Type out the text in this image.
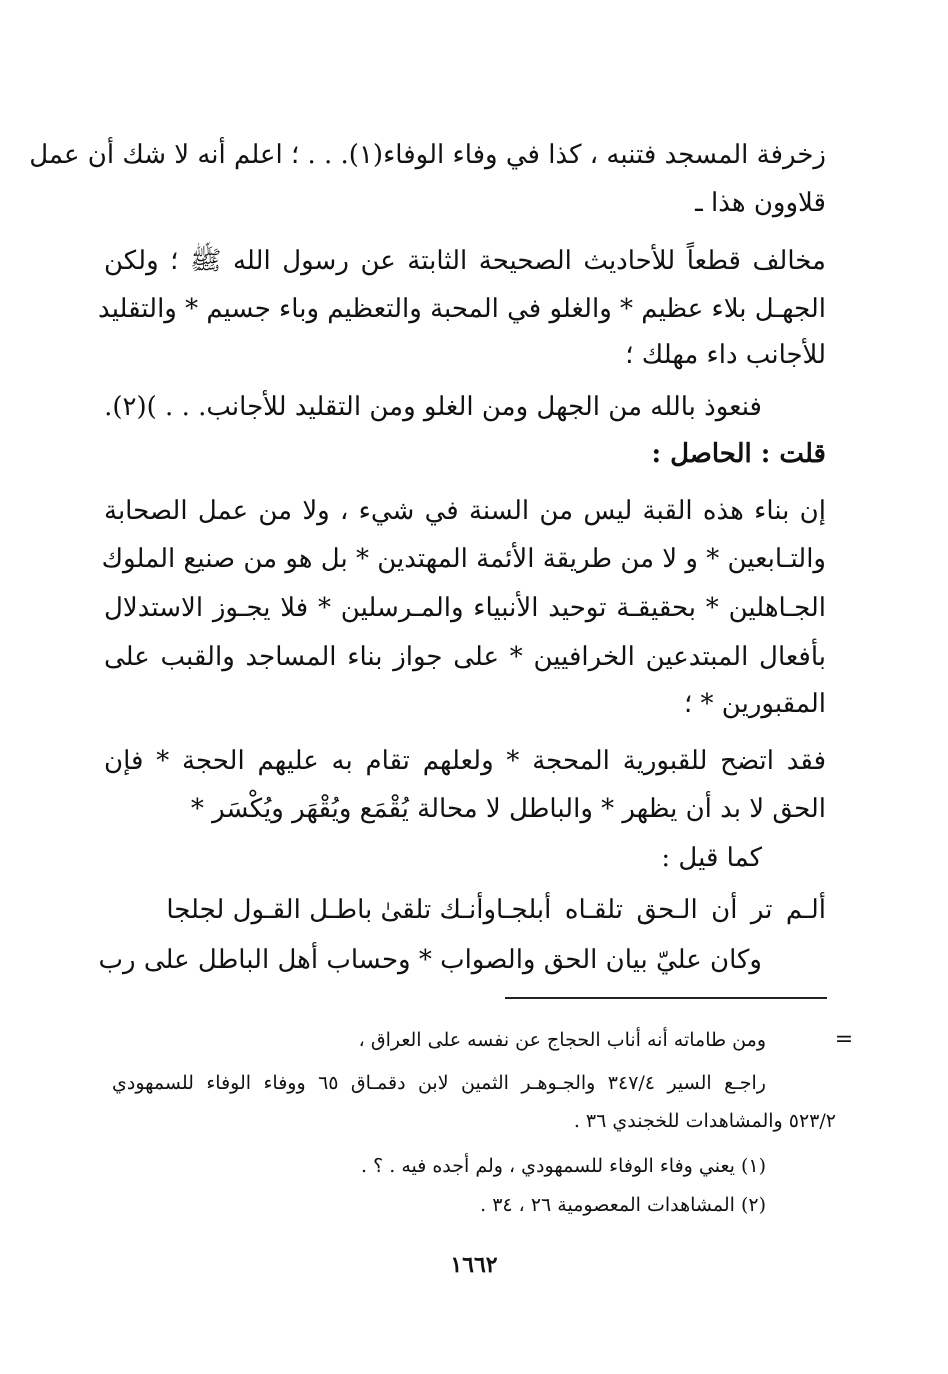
زخرفة المسجد فتنبه ، كذا في وفاء الوفاء(١). . . ؛ اعلم أنه لا شك أن عمل
قلاوون هذا ـ
مخالف قطعاً للأحاديث الصحيحة الثابتة عن رسول الله ﷺ ؛ ولكن
الجهـل بلاء عظيم * والغلو في المحبة والتعظيم وباء جسيم * والتقليد
للأجانب داء مهلك ؛
فنعوذ بالله من الجهل ومن الغلو ومن التقليد للأجانب. . . )(٢).
قلت : الحاصل :
إن بناء هذه القبة ليس من السنة في شيء ، ولا من عمل الصحابة
والتـابعين * و لا من طريقة الأئمة المهتدين * بل هو من صنيع الملوك
الجـاهلين * بحقيقـة توحيد الأنبياء والمـرسلين * فلا يجـوز الاستدلال
بأفعال المبتدعين الخرافيين * على جواز بناء المساجد والقبب على
المقبورين * ؛
فقد اتضح للقبورية المحجة * ولعلهم تقام به عليهم الحجة * فإن
الحق لا بد أن يظهر * والباطل لا محالة يُقْمَع ويُقْهَر ويُكْسَر *
كما قيل :
ألـم تر أن الـحق تلقـاه أبلجـاوأنـك تلقىٰ باطـل القـول لجلجا
وكان عليّ بيان الحق والصواب * وحساب أهل الباطل على رب
=
ومن طاماته أنه أناب الحجاج عن نفسه على العراق ،
راجـع السير ٣٤٧/٤ والجـوهـر الثمين لابن دقمـاق ٦٥ ووفاء الوفاء للسمهودي
٥٢٣/٢ والمشاهدات للخجندي ٣٦ .
(١) يعني وفاء الوفاء للسمهودي ، ولم أجده فيه . ؟ .
(٢) المشاهدات المعصومية ٢٦ ، ٣٤ .
١٦٦٢
